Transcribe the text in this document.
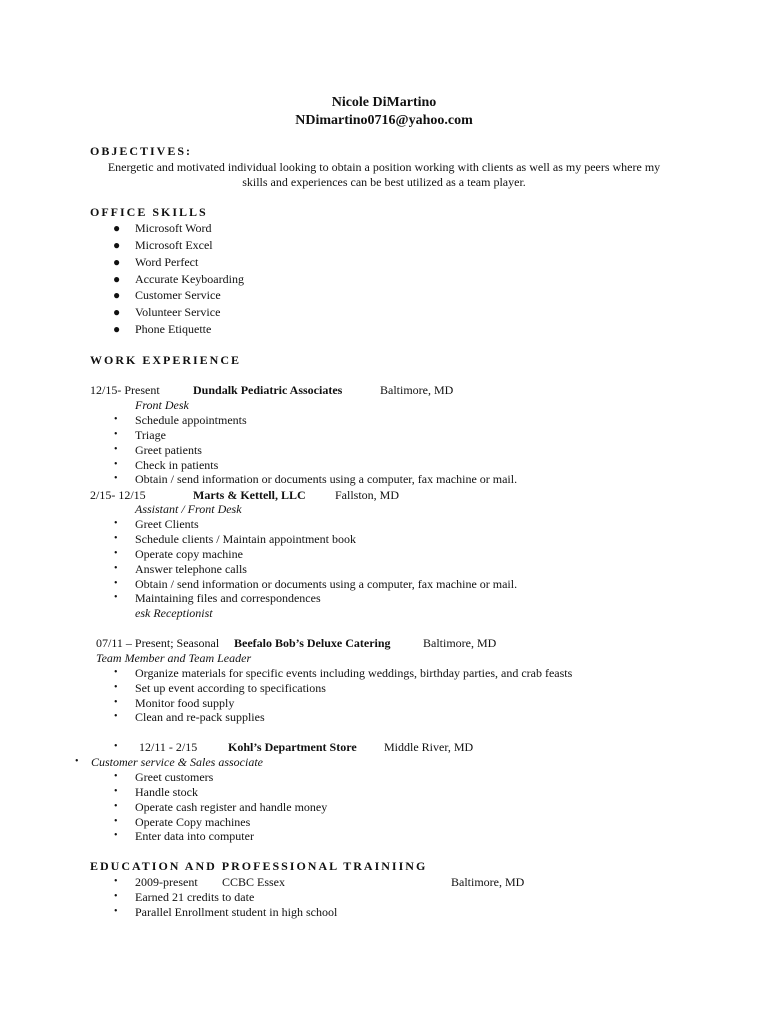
Nicole DiMartino
NDimartino0716@yahoo.com
OBJECTIVES:
Energetic and motivated individual looking to obtain a position working with clients as well as my peers where my
skills and experiences can be best utilized as a team player.
OFFICE SKILLS
● Microsoft Word
● Microsoft Excel
● Word Perfect
● Accurate Keyboarding
● Customer Service
● Volunteer Service
● Phone Etiquette
WORK EXPERIENCE
12/15- Present	Dundalk Pediatric Associates	Baltimore, MD
Front Desk
• Schedule appointments
• Triage
• Greet patients
• Check in patients
• Obtain / send information or documents using a computer, fax machine or mail.
2/15- 12/15	Marts & Kettell, LLC Fallston, MD
Assistant / Front Desk
• Greet Clients
• Schedule clients / Maintain appointment book
• Operate copy machine
• Answer telephone calls
• Obtain / send information or documents using a computer, fax machine or mail.
• Maintaining files and correspondences
esk Receptionist
07/11 – Present; Seasonal Beefalo Bob’s Deluxe Catering	Baltimore, MD
Team Member and Team Leader
• Organize materials for specific events including weddings, birthday parties, and crab feasts
• Set up event according to specifications
• Monitor food supply
• Clean and re-pack supplies
• 12/11 - 2/15	Kohl’s Department Store Middle River, MD
• Customer service & Sales associate
• Greet customers
• Handle stock
• Operate cash register and handle money
• Operate Copy machines
• Enter data into computer
EDUCATION AND PROFESSIONAL TRAINIING
• 2009-present CCBC Essex	Baltimore, MD
• Earned 21 credits to date
• Parallel Enrollment student in high school
